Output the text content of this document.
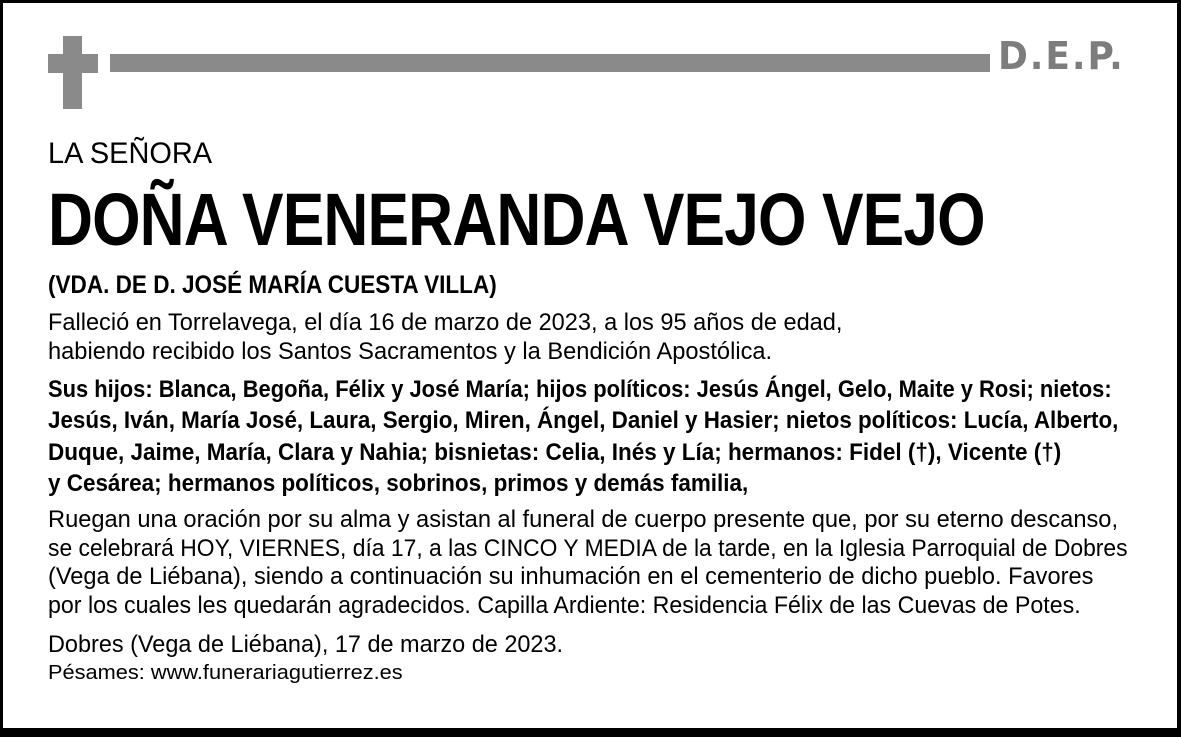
D.E.P.
LA SEÑORA
DOÑA VENERANDA VEJO VEJO
(VDA. DE D. JOSÉ MARÍA CUESTA VILLA)
Falleció en Torrelavega, el día 16 de marzo de 2023, a los 95 años de edad,
habiendo recibido los Santos Sacramentos y la Bendición Apostólica.
Sus hijos: Blanca, Begoña, Félix y José María; hijos políticos: Jesús Ángel, Gelo, Maite y Rosi; nietos:
Jesús, Iván, María José, Laura, Sergio, Miren, Ángel, Daniel y Hasier; nietos políticos: Lucía, Alberto,
Duque, Jaime, María, Clara y Nahia; bisnietas: Celia, Inés y Lía; hermanos: Fidel (†), Vicente (†)
y Cesárea; hermanos políticos, sobrinos, primos y demás familia,
Ruegan una oración por su alma y asistan al funeral de cuerpo presente que, por su eterno descanso,
se celebrará HOY, VIERNES, día 17, a las CINCO Y MEDIA de la tarde, en la Iglesia Parroquial de Dobres
(Vega de Liébana), siendo a continuación su inhumación en el cementerio de dicho pueblo. Favores
por los cuales les quedarán agradecidos. Capilla Ardiente: Residencia Félix de las Cuevas de Potes.
Dobres (Vega de Liébana), 17 de marzo de 2023.
Pésames: www.funerariagutierrez.es
